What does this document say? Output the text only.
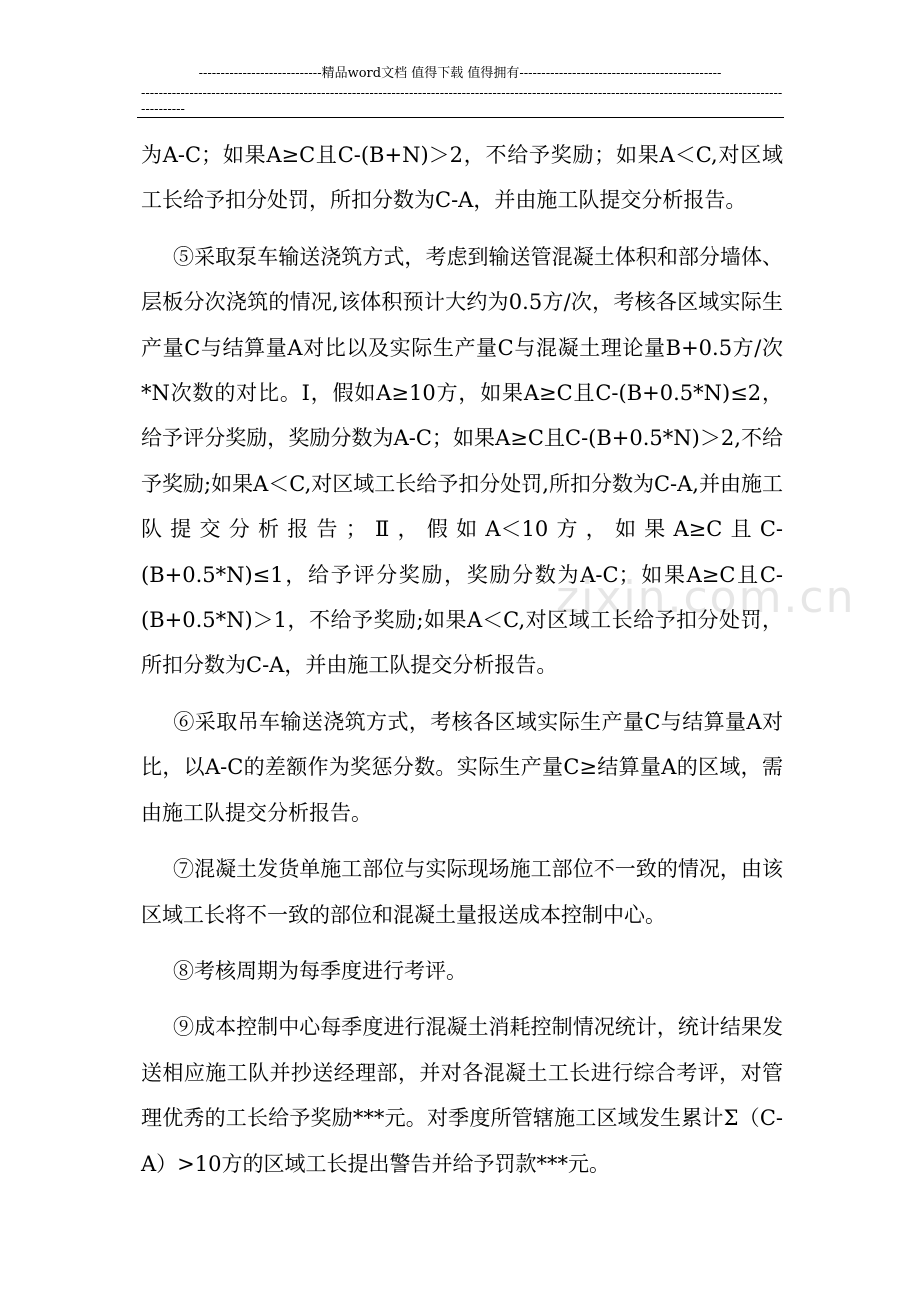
----------------------------精品word文档 值得下载 值得拥有----------------------------------------------
------------------------------------------------------------------------------------------------------------------------------------------------------------
zixin.com.cn

为A-C；如果A≥C且C-(B+N)＞2，不给予奖励；如果A＜C,对区域工长给予扣分处罚，所扣分数为C-A，并由施工队提交分析报告。

⑤采取泵车输送浇筑方式，考虑到输送管混凝土体积和部分墙体、层板分次浇筑的情况,该体积预计大约为0.5方/次，考核各区域实际生产量C与结算量A对比以及实际生产量C与混凝土理论量B+0.5方/次*N次数的对比。Ⅰ，假如A≥10方，如果A≥C且C-(B+0.5*N)≤2，给予评分奖励，奖励分数为A-C；如果A≥C且C-(B+0.5*N)＞2,不给予奖励;如果A＜C,对区域工长给予扣分处罚,所扣分数为C-A,并由施工队提交分析报告；Ⅱ，假如A＜10方，如果A≥C且C-(B+0.5*N)≤1，给予评分奖励，奖励分数为A-C；如果A≥C且C-(B+0.5*N)＞1，不给予奖励;如果A＜C,对区域工长给予扣分处罚，所扣分数为C-A，并由施工队提交分析报告。

⑥采取吊车输送浇筑方式，考核各区域实际生产量C与结算量A对比，以A-C的差额作为奖惩分数。实际生产量C≥结算量A的区域，需由施工队提交分析报告。

⑦混凝土发货单施工部位与实际现场施工部位不一致的情况，由该区域工长将不一致的部位和混凝土量报送成本控制中心。

⑧考核周期为每季度进行考评。

⑨成本控制中心每季度进行混凝土消耗控制情况统计，统计结果发送相应施工队并抄送经理部，并对各混凝土工长进行综合考评，对管理优秀的工长给予奖励***元。对季度所管辖施工区域发生累计Σ（C-A）>10方的区域工长提出警告并给予罚款***元。
